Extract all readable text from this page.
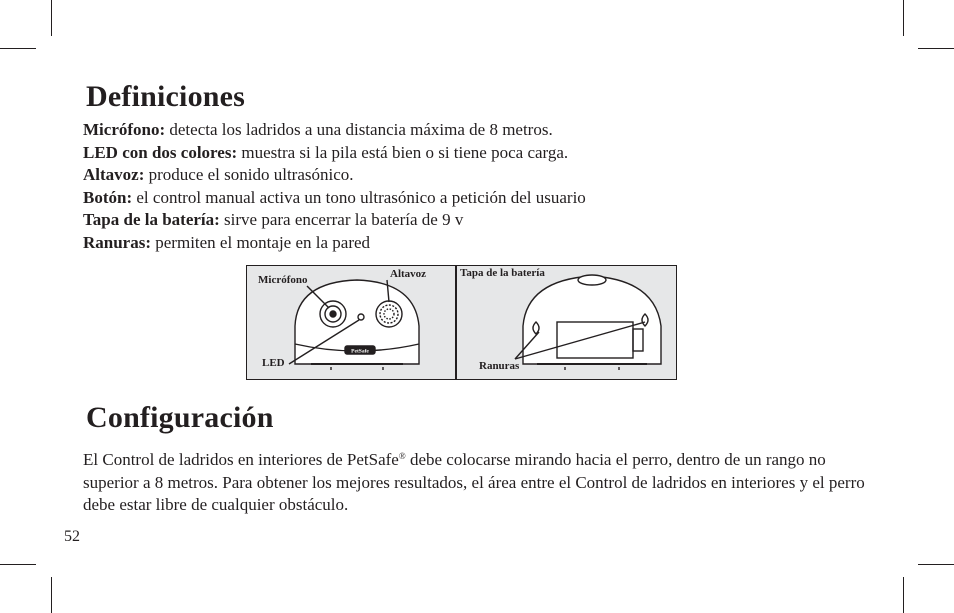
Definiciones
Micrófono: detecta los ladridos a una distancia máxima de 8 metros.
LED con dos colores: muestra si la pila está bien o si tiene poca carga.
Altavoz: produce el sonido ultrasónico.
Botón: el control manual activa un tono ultrasónico a petición del usuario
Tapa de la batería: sirve para encerrar la batería de 9 v
Ranuras: permiten el montaje en la pared
PetSafe
Micrófono	Altavoz
LED
Tapa de la batería
Ranuras
Configuración

El Control de ladridos en interiores de PetSafe® debe colocarse mirando hacia el perro, dentro de un rango no superior a 8 metros. Para obtener los mejores resultados, el área entre el Control de ladridos en interiores y el perro debe estar libre de cualquier obstáculo.

52
